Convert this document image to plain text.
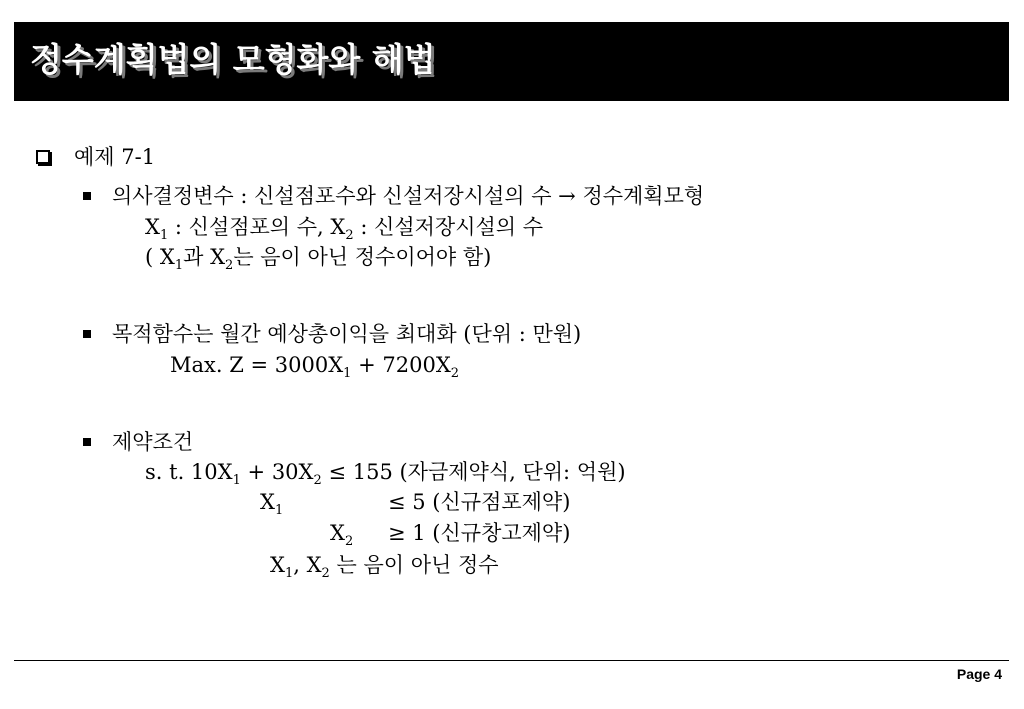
정수계획법의 모형화와 해법
예제 7-1
의사결정변수 : 신설점포수와 신설저장시설의 수 → 정수계획모형
$X_1$ : 신설점포의 수, $X_2$ : 신설저장시설의 수
( $X_1$과 $X_2$는 음이 아닌 정수이어야 함)
목적함수는 월간 예상총이익을 최대화 (단위 : 만원)
Max. $Z = 3000X_1 + 7200X_2$
제약조건
s. t. $10X_1 + 30X_2 \le 155$ (자금제약식, 단위: 억원)
$X_1$	≤ 5 (신규점포제약)
$X_2 \ge 1$ (신규창고제약)
$X_1$, $X_2$ 는 음이 아닌 정수
Page 4
